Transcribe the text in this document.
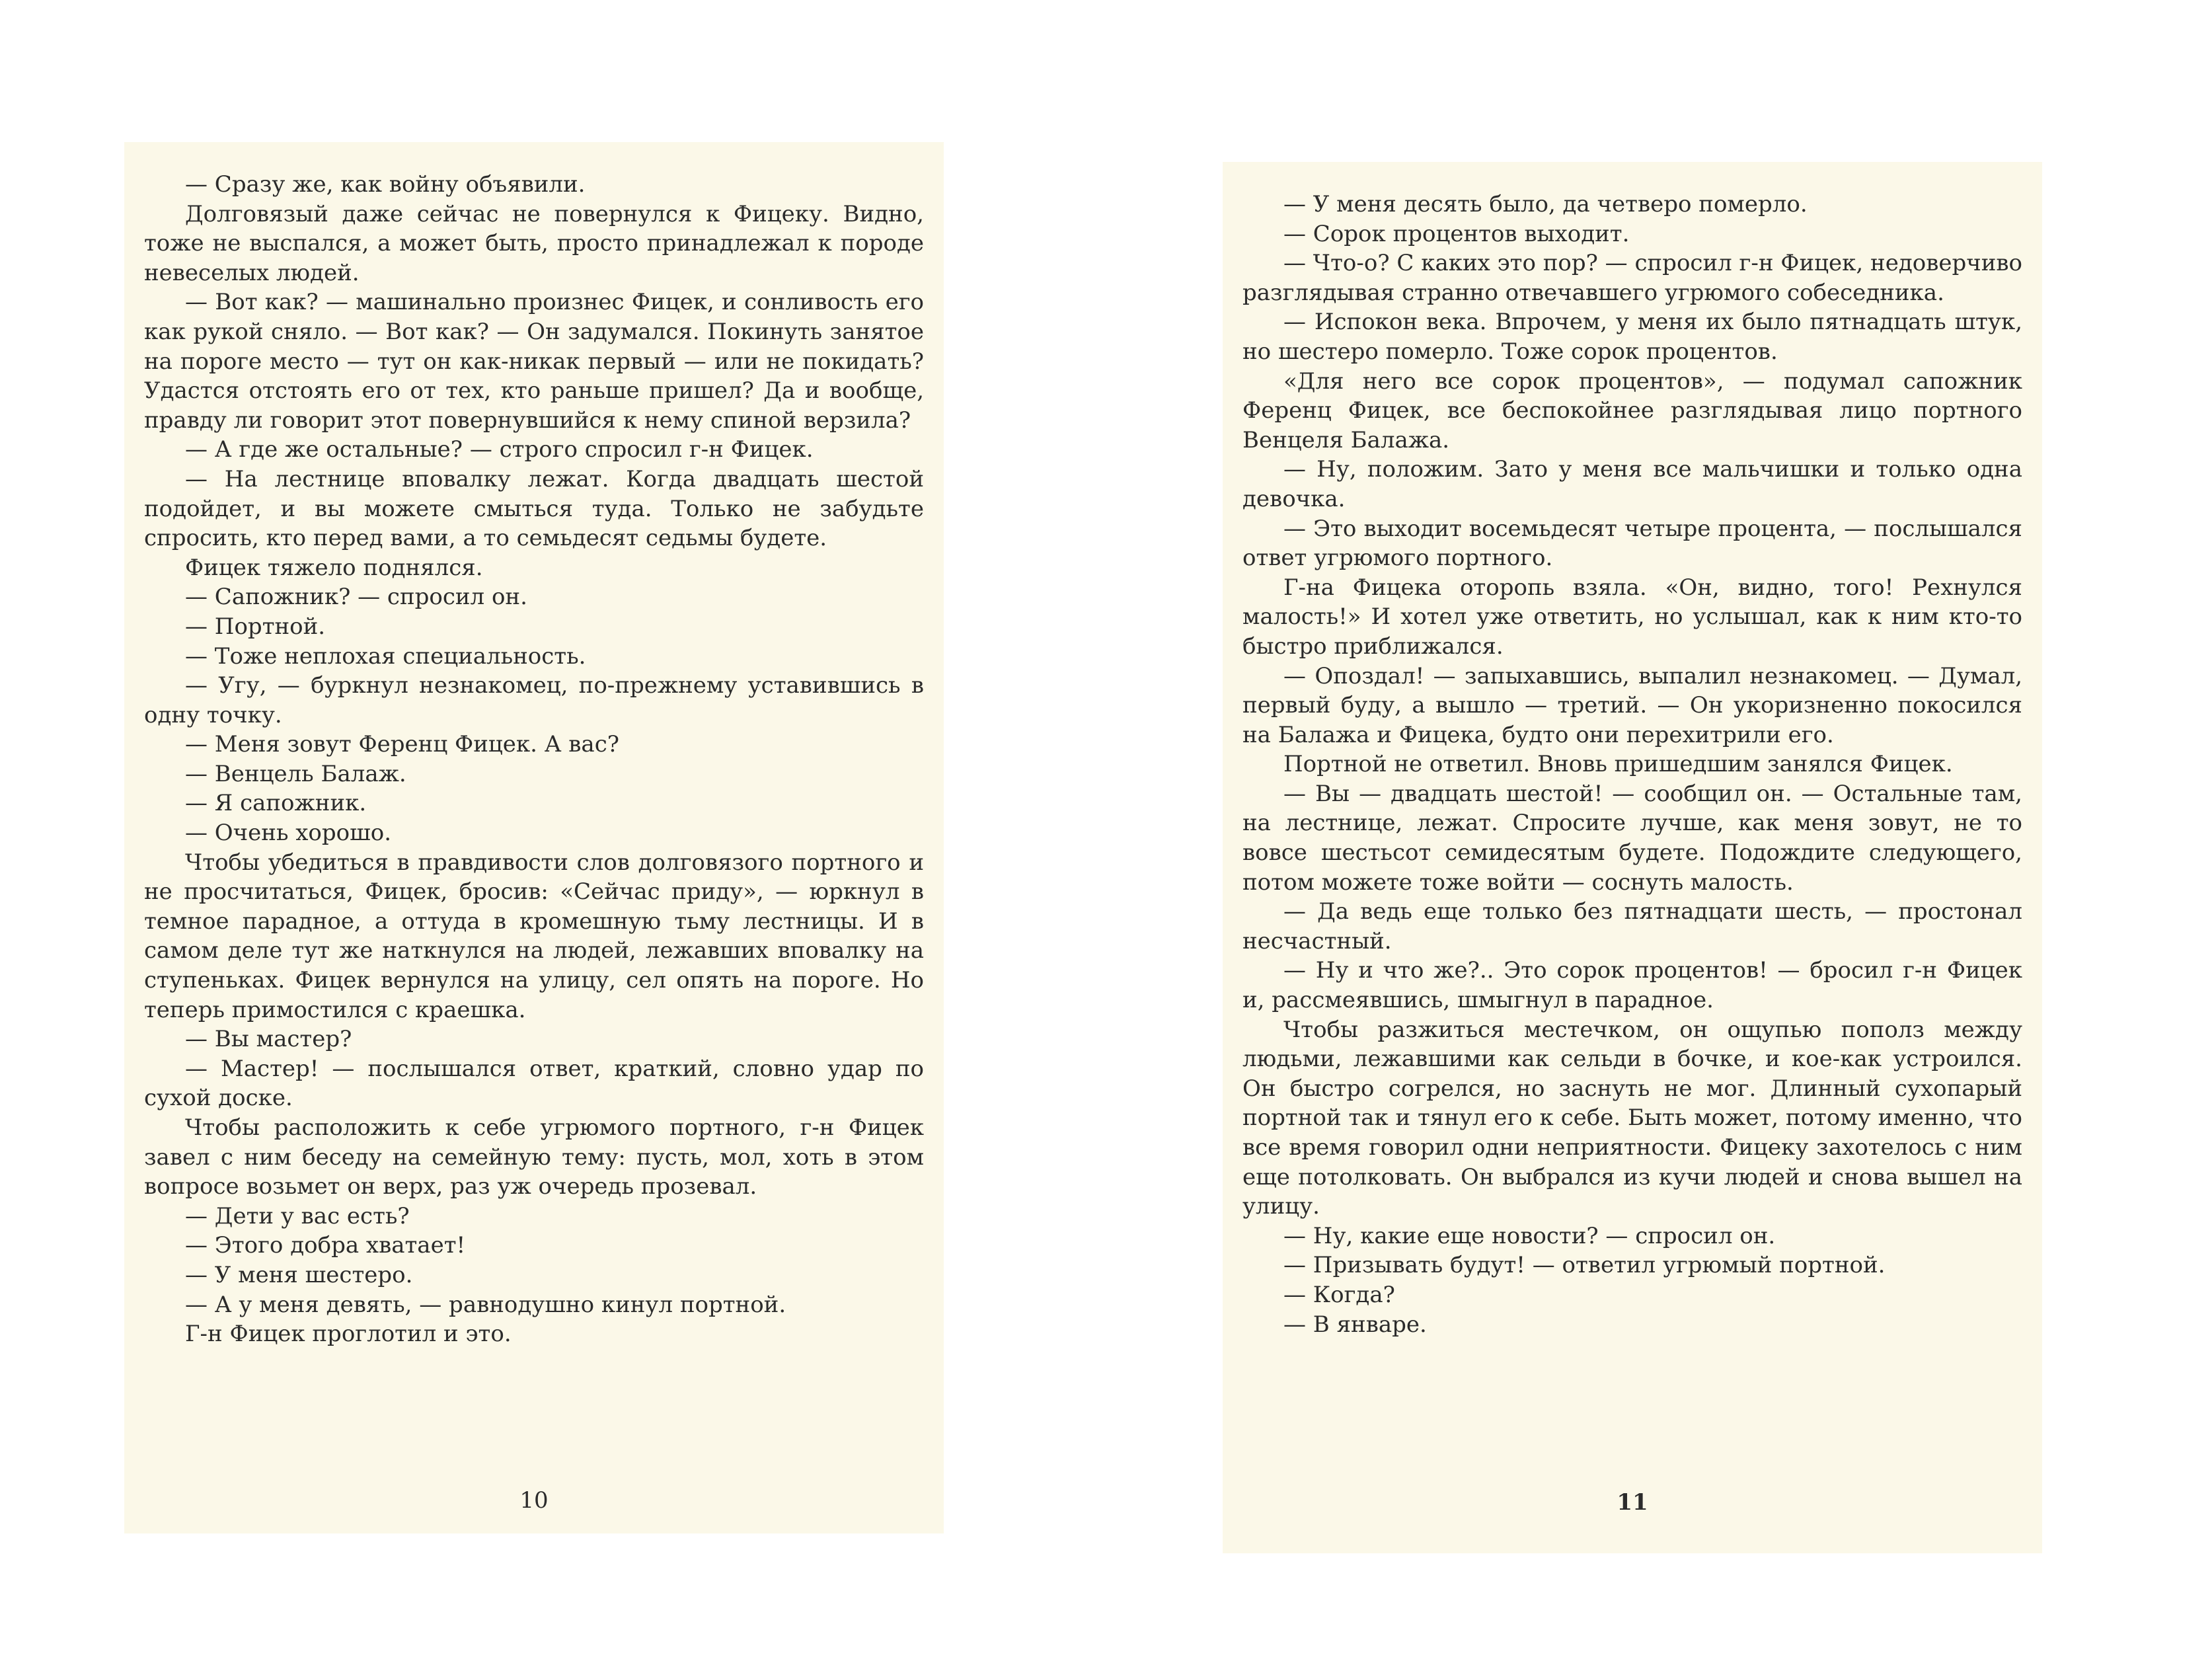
— Сразу же, как войну объявили.

Долговязый даже сейчас не повернулся к Фицеку. Видно, тоже не выспался, а может быть, просто принадлежал к породе невеселых людей.

— Вот как? — машинально произнес Фицек, и сонливость его как рукой сняло. — Вот как? — Он задумался. Покинуть занятое на пороге место — тут он как-никак первый — или не покидать? Удастся отстоять его от тех, кто раньше пришел? Да и вообще, правду ли говорит этот повернувшийся к нему спиной верзила?

— А где же остальные? — строго спросил г-н Фицек.

— На лестнице вповалку лежат. Когда двадцать шестой подойдет, и вы можете смыться туда. Только не забудьте спросить, кто перед вами, а то семьдесят седьмы будете.

Фицек тяжело поднялся.

— Сапожник? — спросил он.

— Портной.

— Тоже неплохая специальность.

— Угу, — буркнул незнакомец, по-прежнему уставившись в одну точку.

— Меня зовут Ференц Фицек. А вас?

— Венцель Балаж.

— Я сапожник.

— Очень хорошо.

Чтобы убедиться в правдивости слов долговязого портного и не просчитаться, Фицек, бросив: «Сейчас приду», — юркнул в темное парадное, а оттуда в кромешную тьму лестницы. И в самом деле тут же наткнулся на людей, лежавших вповалку на ступеньках. Фицек вернулся на улицу, сел опять на пороге. Но теперь примостился с краешка.

— Вы мастер?

— Мастер! — послышался ответ, краткий, словно удар по сухой доске.

Чтобы расположить к себе угрюмого портного, г-н Фицек завел с ним беседу на семейную тему: пусть, мол, хоть в этом вопросе возьмет он верх, раз уж очередь прозевал.

— Дети у вас есть?

— Этого добра хватает!

— У меня шестеро.

— А у меня девять, — равнодушно кинул портной.

Г-н Фицек проглотил и это.

10

— У меня десять было, да четверо померло.

— Сорок процентов выходит.

— Что-о? С каких это пор? — спросил г-н Фицек, недоверчиво разглядывая странно отвечавшего угрюмого собеседника.

— Испокон века. Впрочем, у меня их было пятнадцать штук, но шестеро померло. Тоже сорок процентов.

«Для него все сорок процентов», — подумал сапожник Ференц Фицек, все беспокойнее разглядывая лицо портного Венцеля Балажа.

— Ну, положим. Зато у меня все мальчишки и только одна девочка.

— Это выходит восемьдесят четыре процента, — послышался ответ угрюмого портного.

Г-на Фицека оторопь взяла. «Он, видно, того! Рехнулся малость!» И хотел уже ответить, но услышал, как к ним кто-то быстро приближался.

— Опоздал! — запыхавшись, выпалил незнакомец. — Думал, первый буду, а вышло — третий. — Он укоризненно покосился на Балажа и Фицека, будто они перехитрили его.

Портной не ответил. Вновь пришедшим занялся Фицек.

— Вы — двадцать шестой! — сообщил он. — Остальные там, на лестнице, лежат. Спросите лучше, как меня зовут, не то вовсе шестьсот семидесятым будете. Подождите следующего, потом можете тоже войти — соснуть малость.

— Да ведь еще только без пятнадцати шесть, — простонал несчастный.

— Ну и что же?.. Это сорок процентов! — бросил г-н Фицек и, рассмеявшись, шмыгнул в парадное.

Чтобы разжиться местечком, он ощупью пополз между людьми, лежавшими как сельди в бочке, и кое-как устроился. Он быстро согрелся, но заснуть не мог. Длинный сухопарый портной так и тянул его к себе. Быть может, потому именно, что все время говорил одни неприятности. Фицеку захотелось с ним еще потолковать. Он выбрался из кучи людей и снова вышел на улицу.

— Ну, какие еще новости? — спросил он.

— Призывать будут! — ответил угрюмый портной.

— Когда?

— В январе.

11
